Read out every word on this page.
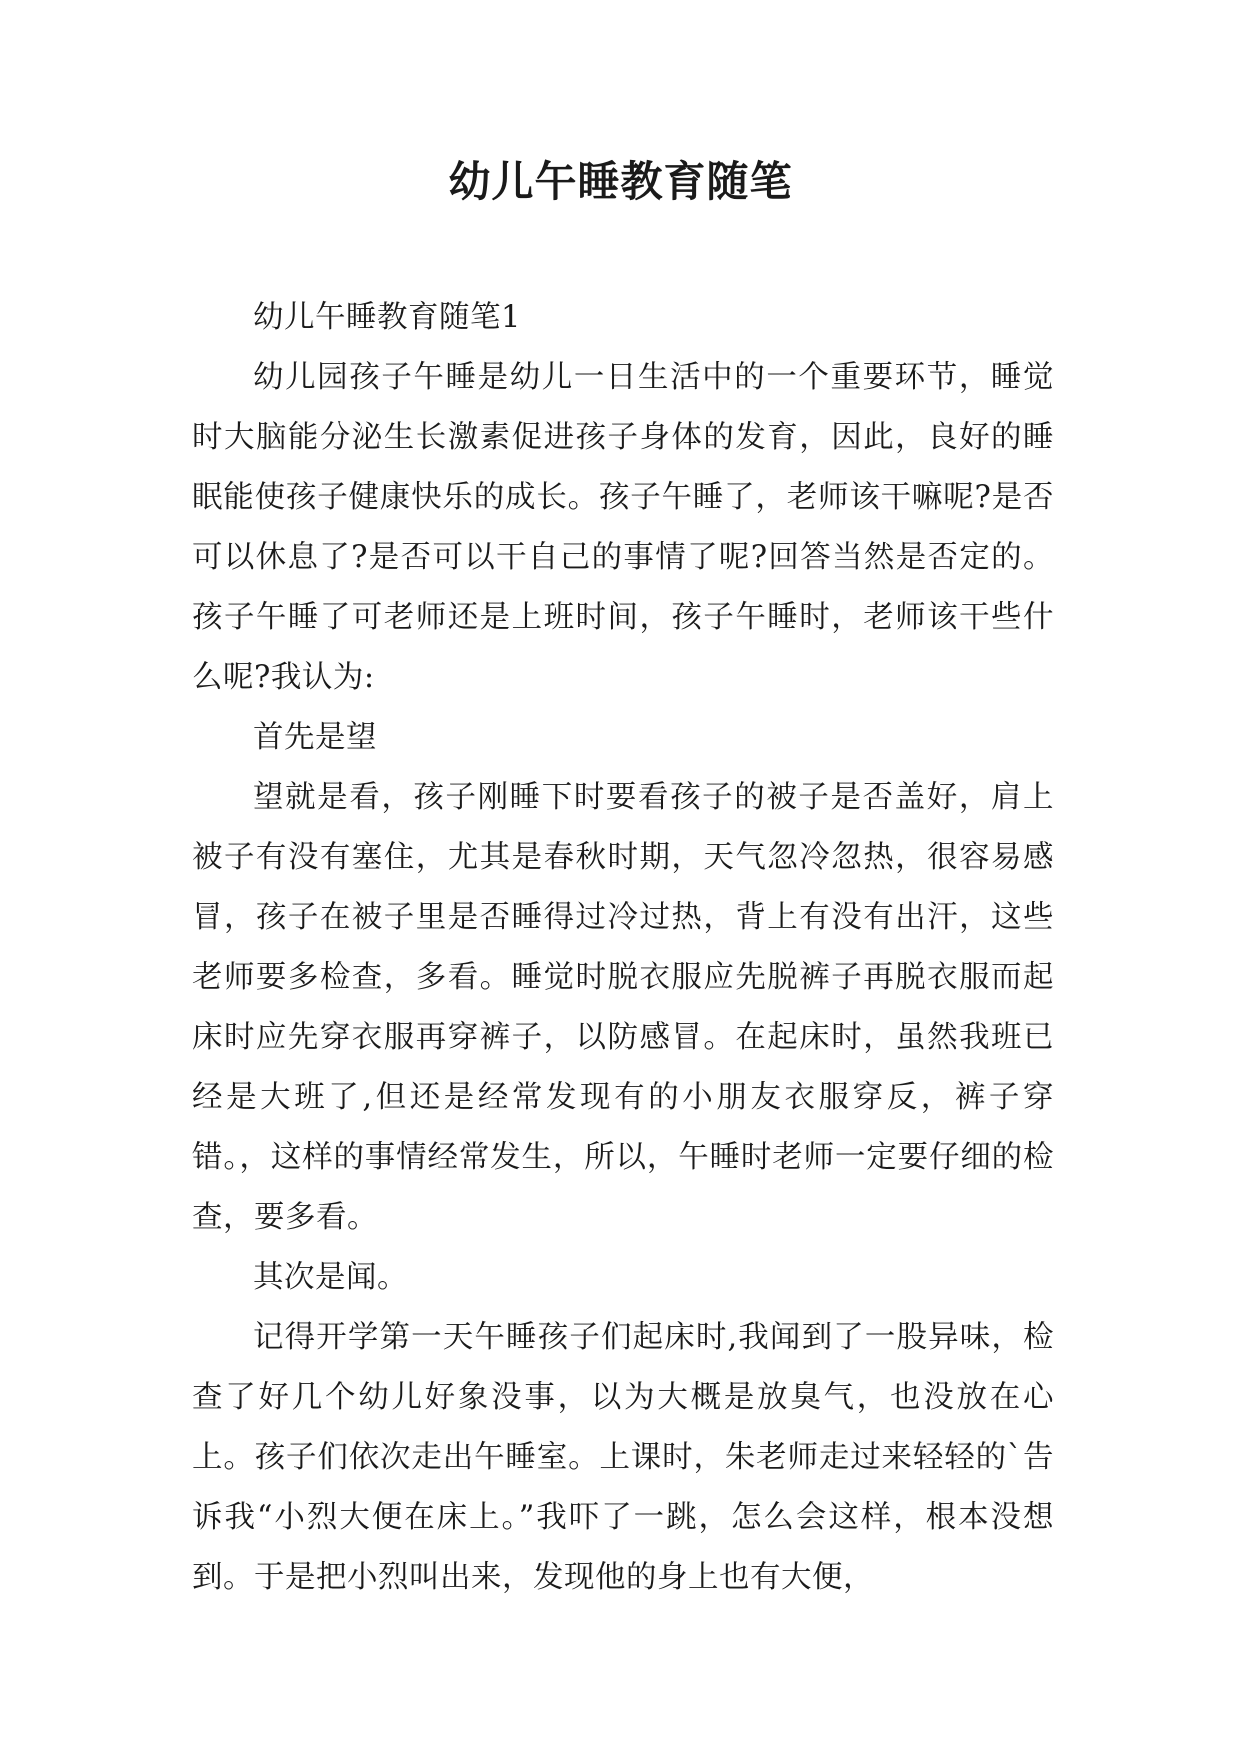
幼儿午睡教育随笔

幼儿午睡教育随笔1

幼儿园孩子午睡是幼儿一日生活中的一个重要环节，睡觉时大脑能分泌生长激素促进孩子身体的发育，因此，良好的睡眠能使孩子健康快乐的成长。孩子午睡了，老师该干嘛呢?是否可以休息了?是否可以干自己的事情了呢?回答当然是否定的。孩子午睡了可老师还是上班时间，孩子午睡时，老师该干些什么呢?我认为:

首先是望

望就是看，孩子刚睡下时要看孩子的被子是否盖好，肩上被子有没有塞住，尤其是春秋时期，天气忽冷忽热，很容易感冒，孩子在被子里是否睡得过冷过热，背上有没有出汗，这些老师要多检查，多看。睡觉时脱衣服应先脱裤子再脱衣服而起床时应先穿衣服再穿裤子，以防感冒。在起床时，虽然我班已经是大班了,但还是经常发现有的小朋友衣服穿反，裤子穿错。，这样的事情经常发生，所以，午睡时老师一定要仔细的检查，要多看。

其次是闻。

记得开学第一天午睡孩子们起床时,我闻到了一股异味，检查了好几个幼儿好象没事，以为大概是放臭气，也没放在心上。孩子们依次走出午睡室。上课时，朱老师走过来轻轻的`告诉我“小烈大便在床上。”我吓了一跳，怎么会这样，根本没想到。于是把小烈叫出来，发现他的身上也有大便，
